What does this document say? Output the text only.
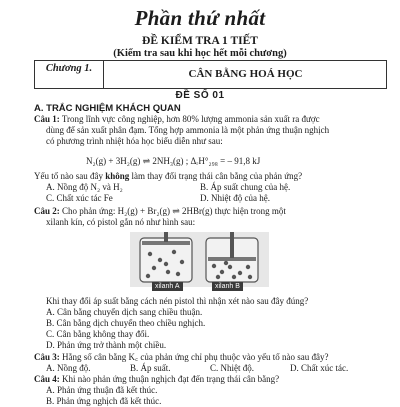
Phần thứ nhất
ĐỀ KIỂM TRA 1 TIẾT
(Kiểm tra sau khi học hết mỗi chương)
Chương 1.	CÂN BẰNG HOÁ HỌC
ĐỀ SỐ 01
A. TRẮC NGHIỆM KHÁCH QUAN
Câu 1: Trong lĩnh vực công nghiệp, hơn 80% lượng ammonia sản xuất ra được
dùng để sản xuất phân đạm. Tổng hợp ammonia là một phản ứng thuận nghịch
có phương trình nhiệt hóa học biểu diễn như sau:
N₂(g) + 3H₂(g) ⇌ 2NH₃(g) ; ΔᵣH°₂₉₈ = – 91,8 kJ
Yếu tố nào sau đây không làm thay đổi trạng thái cân bằng của phản ứng?
A. Nồng độ N₂ và H₂	B. Áp suất chung của hệ.
C. Chất xúc tác Fe	D. Nhiệt độ của hệ.
Câu 2: Cho phản ứng: H₂(g) + Br₂(g) ⇌ 2HBr(g) thực hiện trong một
xilanh kín, có pistol gắn nó như hình sau:
xilanh A	xilanh B
Khi thay đổi áp suất bằng cách nén pistol thì nhận xét nào sau đây đúng?
A. Cân bằng chuyển dịch sang chiều thuận.
B. Cân bằng dịch chuyển theo chiều nghịch.
C. Cân bằng không thay đổi.
D. Phản ứng trở thành một chiều.
Câu 3: Hằng số cân bằng K꜀ của phản ứng chỉ phụ thuộc vào yếu tố nào sau đây?
A. Nồng độ.	B. Áp suất.	C. Nhiệt độ.	D. Chất xúc tác.
Câu 4: Khi nào phản ứng thuận nghịch đạt đến trạng thái cân bằng?
A. Phản ứng thuận đã kết thúc.
B. Phản ứng nghịch đã kết thúc.
